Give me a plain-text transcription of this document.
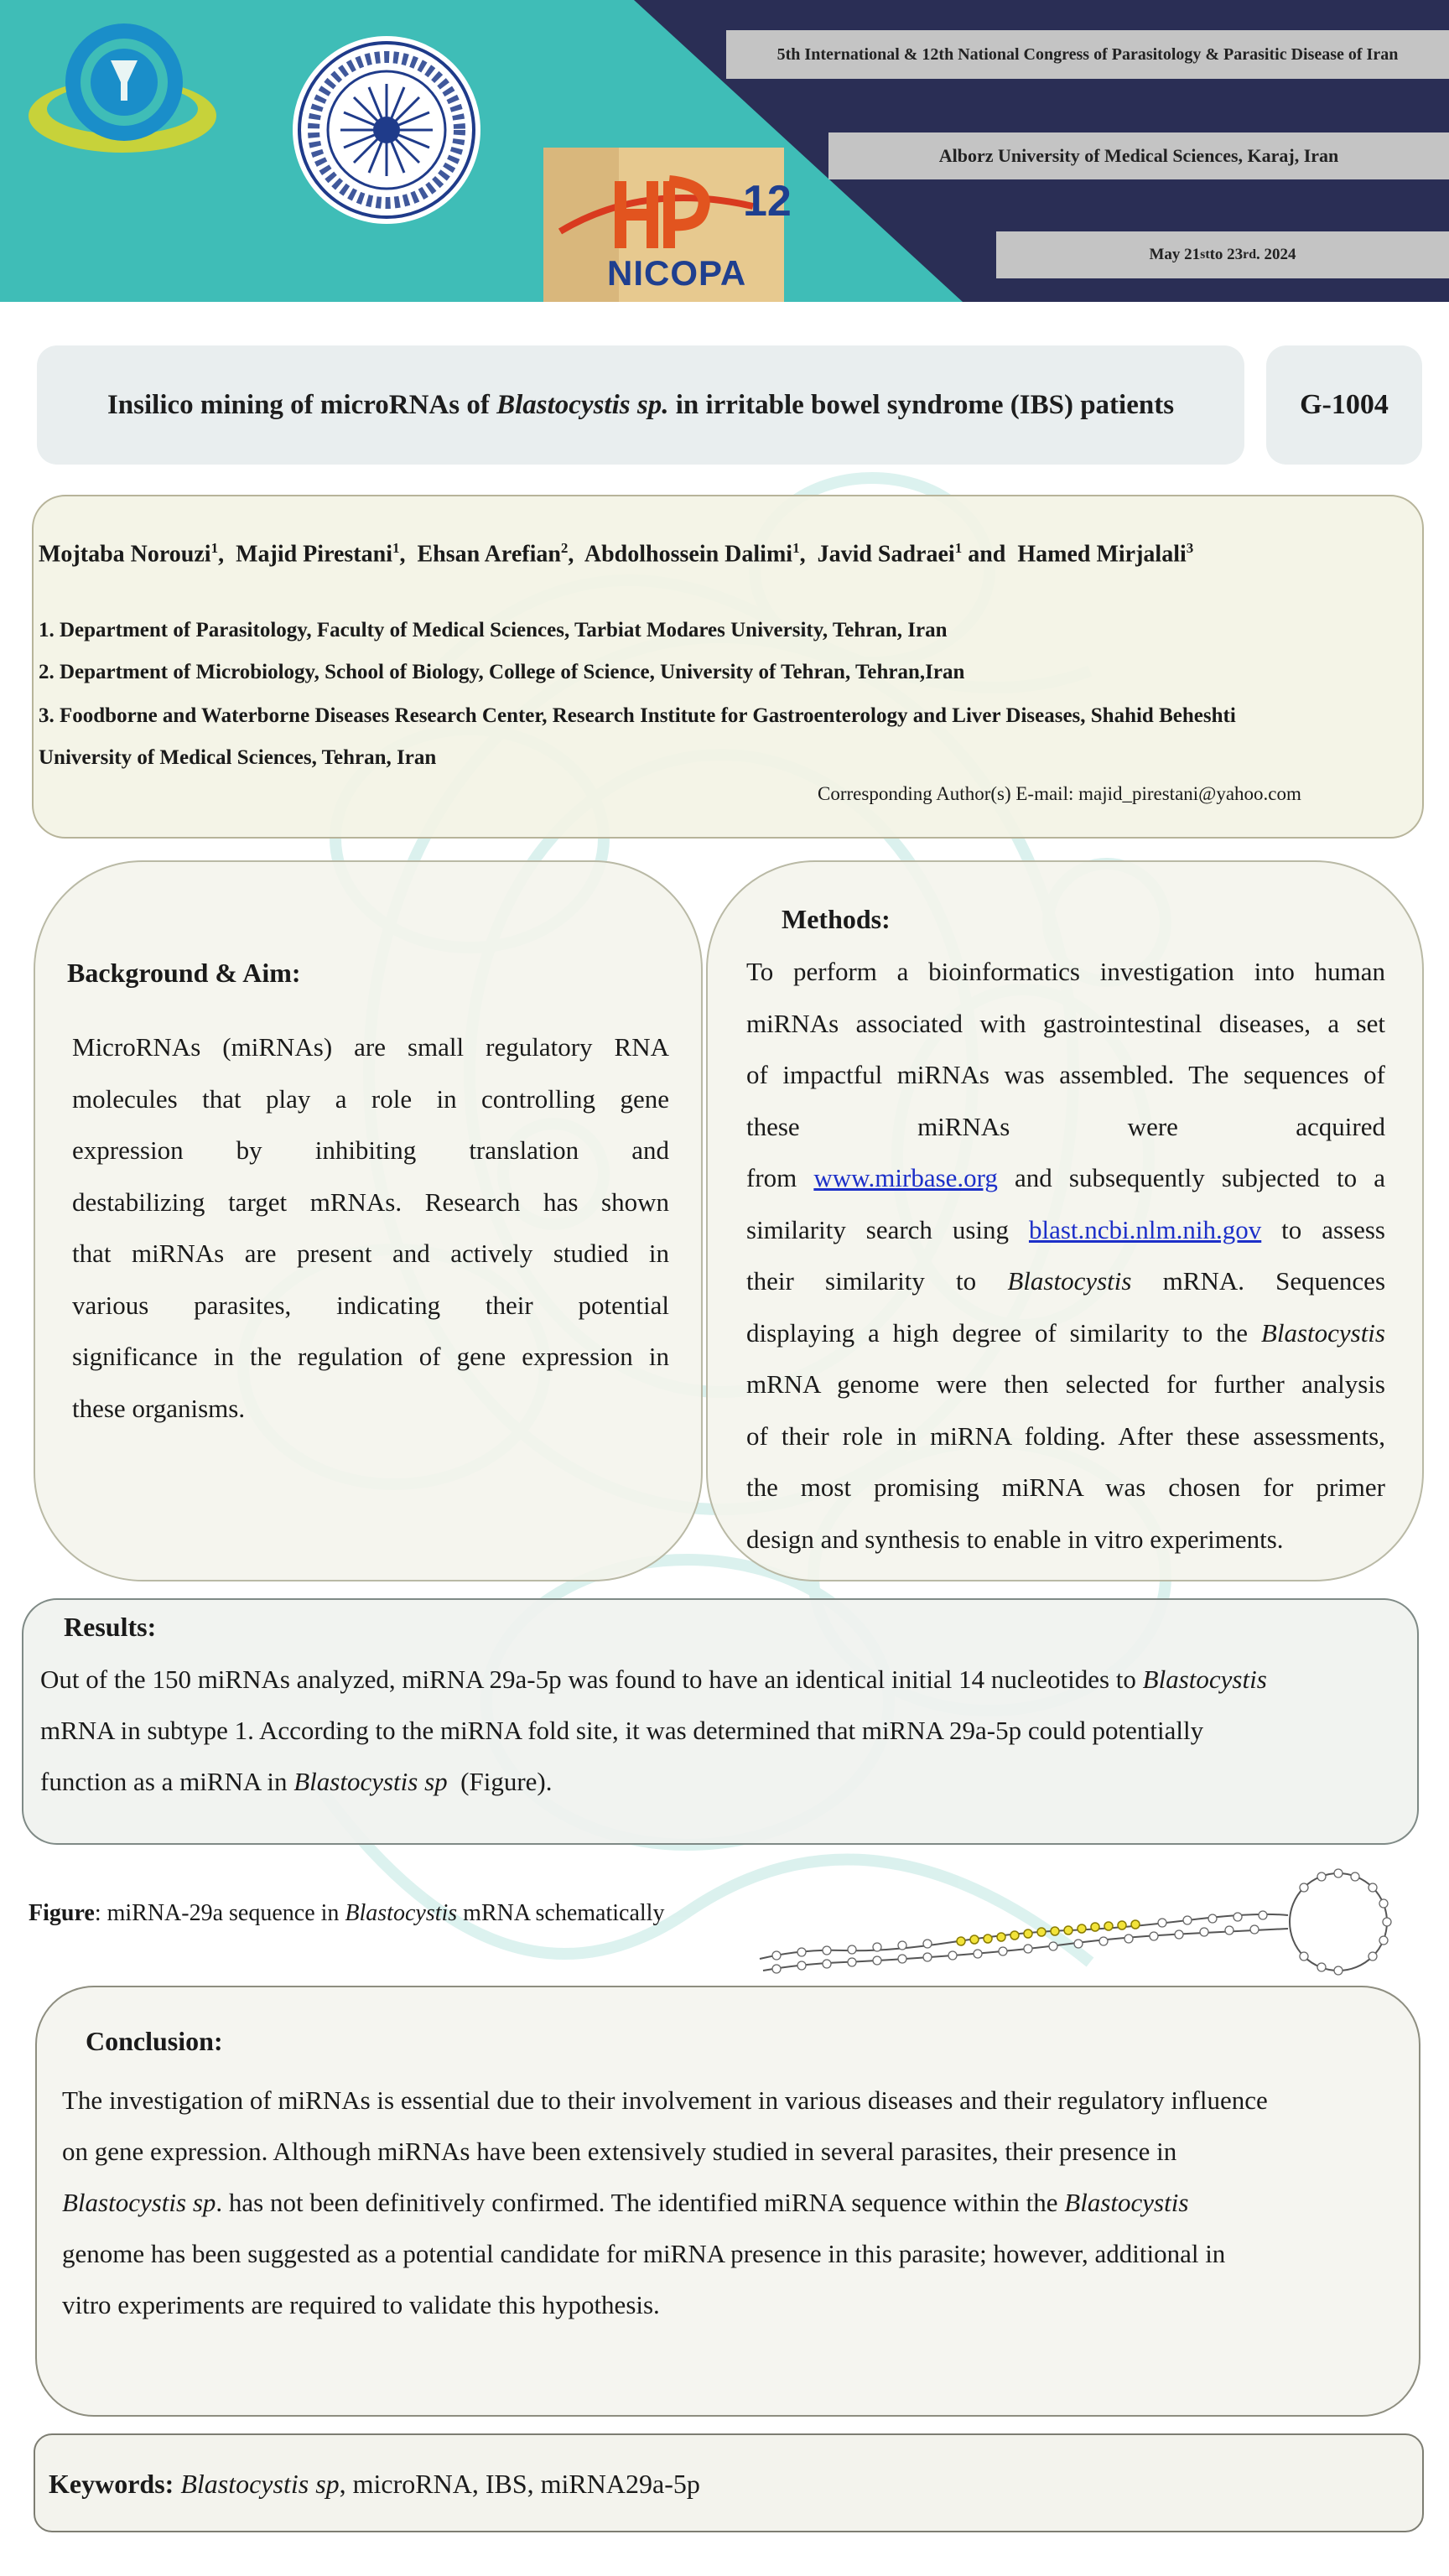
12
NICOPA
5th International & 12th National Congress of Parasitology & Parasitic Disease of Iran
Alborz University of Medical Sciences, Karaj, Iran
May 21 st to 23 rd . 2024
Insilico mining of microRNAs of Blastocystis sp. in irritable bowel syndrome (IBS) patients	G-1004
Mojtaba Norouzi$^1$,  Majid Pirestani$^1$,  Ehsan Arefian$^2$,  Abdolhossein Dalimi$^1$,  Javid Sadraei$^1$ and  Hamed Mirjalali$^3$
1. Department of Parasitology, Faculty of Medical Sciences, Tarbiat Modares University, Tehran, Iran
2. Department of Microbiology, School of Biology, College of Science, University of Tehran, Tehran,Iran
3. Foodborne and Waterborne Diseases Research Center, Research Institute for Gastroenterology and Liver Diseases, Shahid Beheshti
University of Medical Sciences, Tehran, Iran
Corresponding Author(s) E-mail: majid_pirestani@yahoo.com
Background & Aim:
MicroRNAs (miRNAs) are small regulatory RNA
molecules that play a role in controlling gene
expression by inhibiting translation and
destabilizing target mRNAs. Research has shown
that miRNAs are present and actively studied in
various parasites, indicating their potential
significance in the regulation of gene expression in
these organisms.
Methods:
To perform a bioinformatics investigation into human
miRNAs associated with gastrointestinal diseases, a set
of impactful miRNAs was assembled. The sequences of
these miRNAs were acquired
from www.mirbase.org and subsequently subjected to a
similarity search using blast.ncbi.nlm.nih.gov to assess
their similarity to Blastocystis mRNA. Sequences
displaying a high degree of similarity to the Blastocystis
mRNA genome were then selected for further analysis
of their role in miRNA folding. After these assessments,
the most promising miRNA was chosen for primer
design and synthesis to enable in vitro experiments.
Results:
Out of the 150 miRNAs analyzed, miRNA 29a-5p was found to have an identical initial 14 nucleotides to Blastocystis
mRNA in subtype 1. According to the miRNA fold site, it was determined that miRNA 29a-5p could potentially
function as a miRNA in Blastocystis sp  (Figure).
Figure: miRNA-29a sequence in Blastocystis mRNA schematically
Conclusion:
The investigation of miRNAs is essential due to their involvement in various diseases and their regulatory influence
on gene expression. Although miRNAs have been extensively studied in several parasites, their presence in
Blastocystis sp. has not been definitively confirmed. The identified miRNA sequence within the Blastocystis
genome has been suggested as a potential candidate for miRNA presence in this parasite; however, additional in
vitro experiments are required to validate this hypothesis.
Keywords: Blastocystis sp, microRNA, IBS, miRNA29a-5p
